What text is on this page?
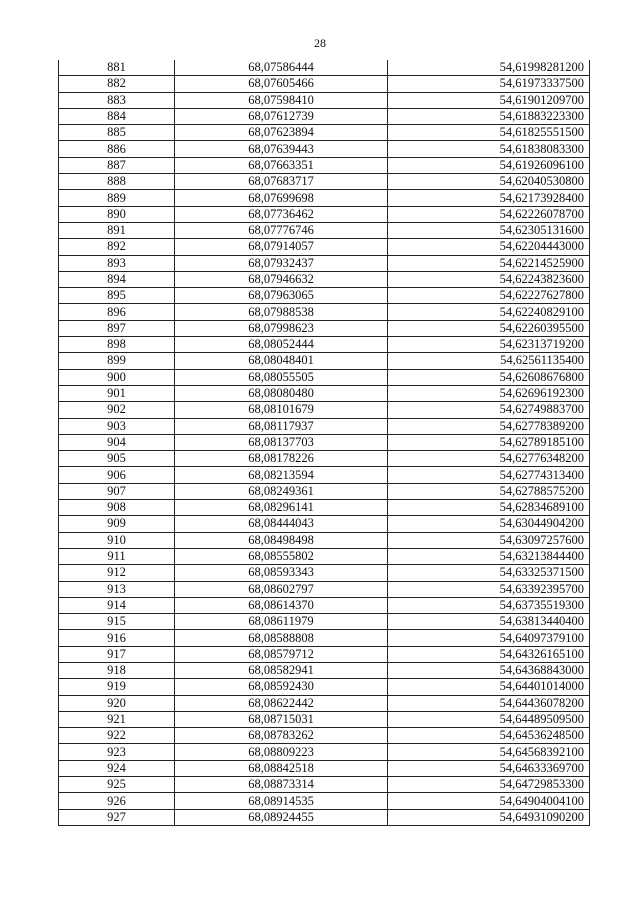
28
881	68,07586444	54,61998281200
882	68,07605466	54,61973337500
883	68,07598410	54,61901209700
884	68,07612739	54,61883223300
885	68,07623894	54,61825551500
886	68,07639443	54,61838083300
887	68,07663351	54,61926096100
888	68,07683717	54,62040530800
889	68,07699698	54,62173928400
890	68,07736462	54,62226078700
891	68,07776746	54,62305131600
892	68,07914057	54,62204443000
893	68,07932437	54,62214525900
894	68,07946632	54,62243823600
895	68,07963065	54,62227627800
896	68,07988538	54,62240829100
897	68,07998623	54,62260395500
898	68,08052444	54,62313719200
899	68,08048401	54,62561135400
900	68,08055505	54,62608676800
901	68,08080480	54,62696192300
902	68,08101679	54,62749883700
903	68,08117937	54,62778389200
904	68,08137703	54,62789185100
905	68,08178226	54,62776348200
906	68,08213594	54,62774313400
907	68,08249361	54,62788575200
908	68,08296141	54,62834689100
909	68,08444043	54,63044904200
910	68,08498498	54,63097257600
911	68,08555802	54,63213844400
912	68,08593343	54,63325371500
913	68,08602797	54,63392395700
914	68,08614370	54,63735519300
915	68,08611979	54,63813440400
916	68,08588808	54,64097379100
917	68,08579712	54,64326165100
918	68,08582941	54,64368843000
919	68,08592430	54,64401014000
920	68,08622442	54,64436078200
921	68,08715031	54,64489509500
922	68,08783262	54,64536248500
923	68,08809223	54,64568392100
924	68,08842518	54,64633369700
925	68,08873314	54,64729853300
926	68,08914535	54,64904004100
927	68,08924455	54,64931090200
